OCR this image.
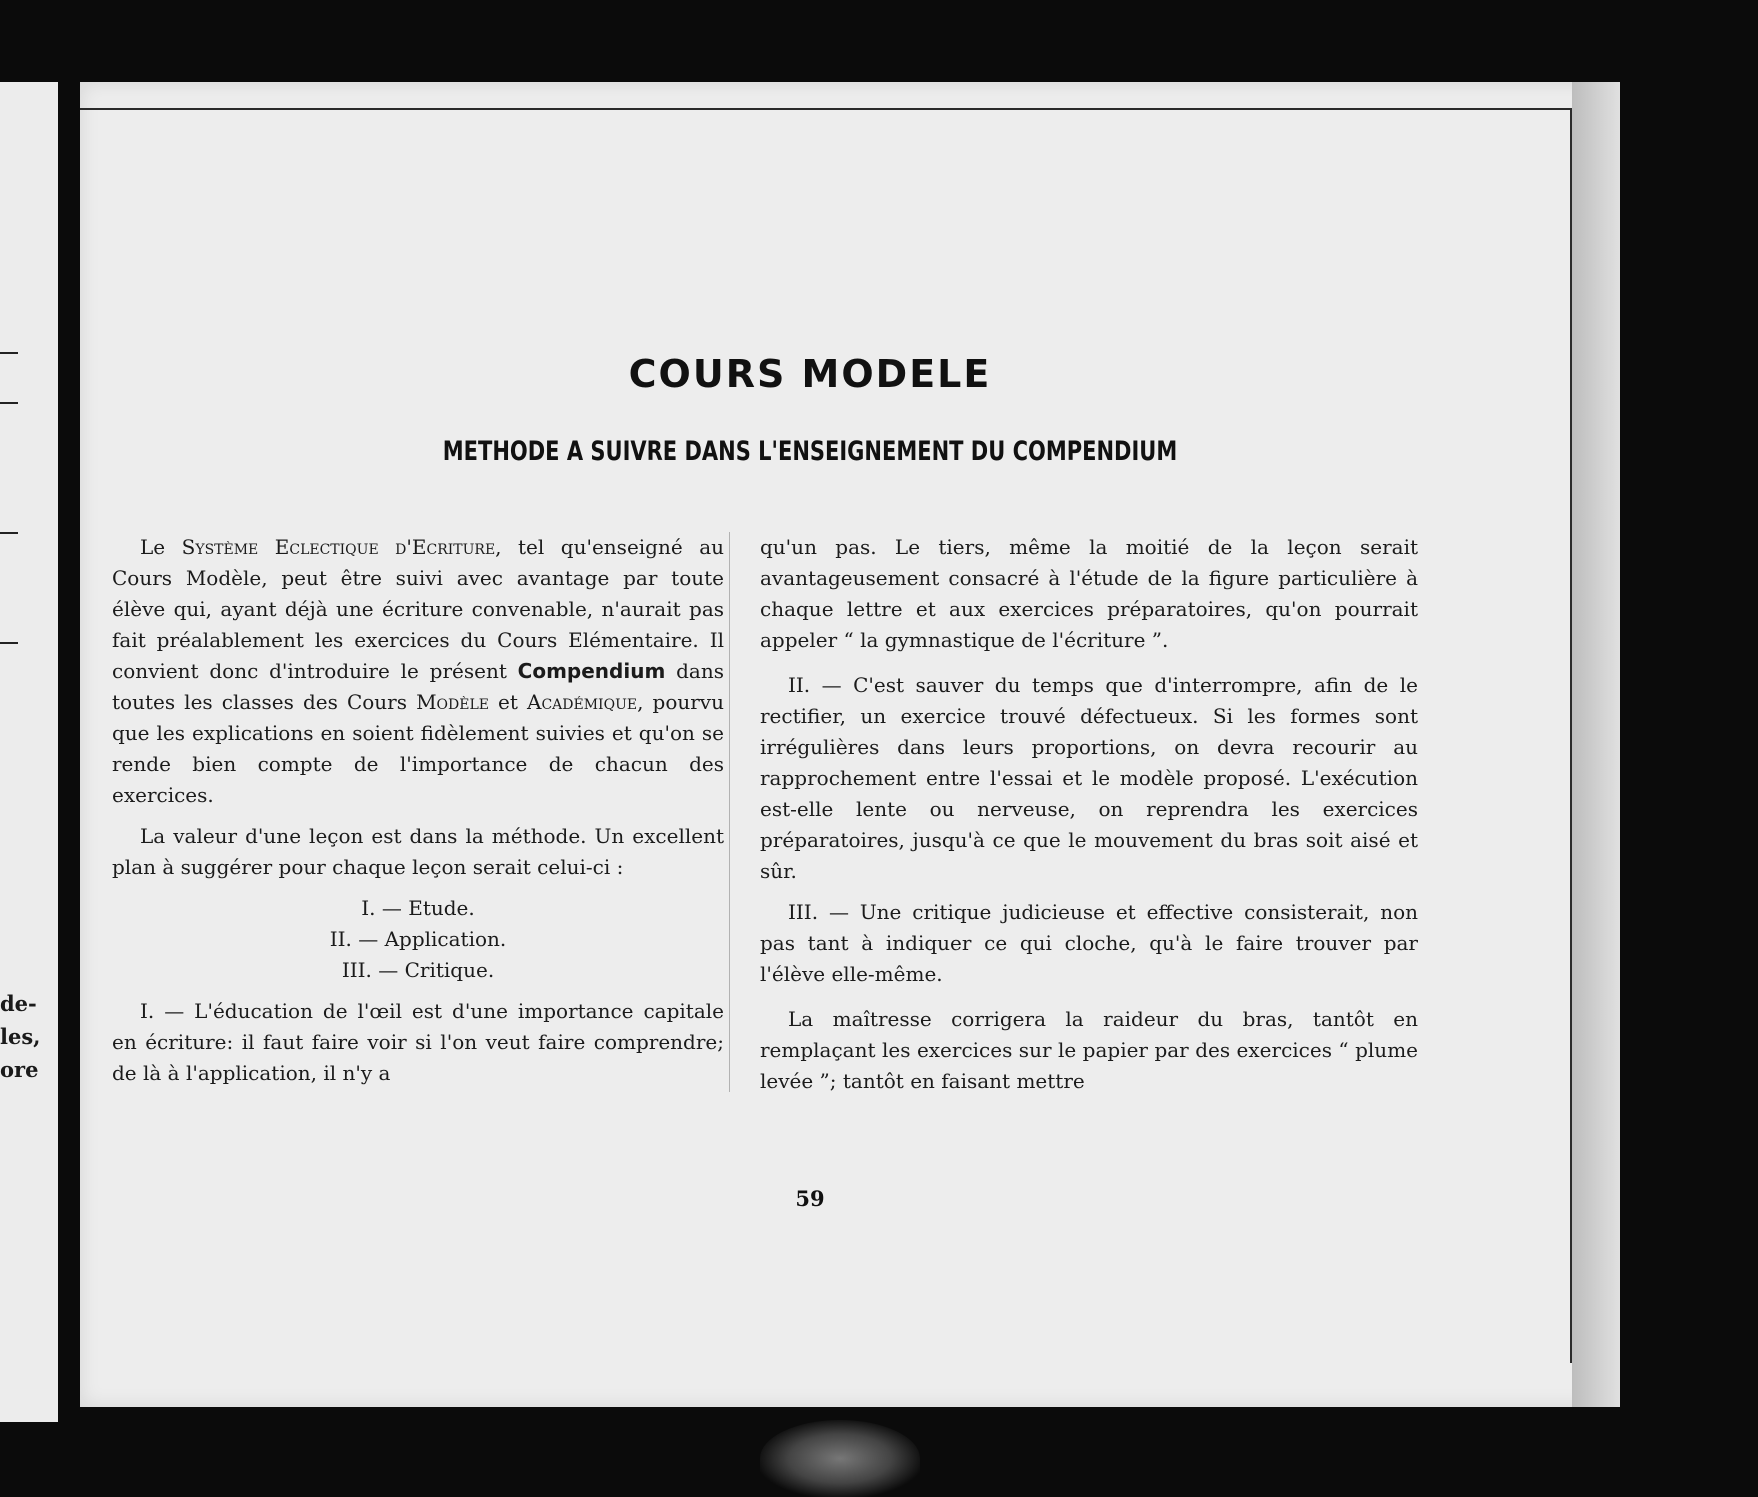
de-
les,
ore
COURS MODELE
METHODE A SUIVRE DANS L'ENSEIGNEMENT DU COMPENDIUM

Le Système Eclectique d'Ecriture, tel qu'enseigné au Cours Modèle, peut être suivi avec avantage par toute élève qui, ayant déjà une écriture convenable, n'aurait pas fait préalablement les exercices du Cours Elémentaire. Il convient donc d'introduire le présent Compendium dans toutes les classes des Cours Modèle et Académique, pourvu que les explications en soient fidèlement suivies et qu'on se rende bien compte de l'importance de chacun des exercices.

La valeur d'une leçon est dans la méthode. Un excellent plan à suggérer pour chaque leçon serait celui-ci :

I. — Etude.
II. — Application.
III. — Critique.

I. — L'éducation de l'œil est d'une importance capitale en écriture: il faut faire voir si l'on veut faire comprendre; de là à l'application, il n'y a

qu'un pas. Le tiers, même la moitié de la leçon serait avantageusement consacré à l'étude de la figure particulière à chaque lettre et aux exercices préparatoires, qu'on pourrait appeler “ la gymnastique de l'écriture ”.

II. — C'est sauver du temps que d'interrompre, afin de le rectifier, un exercice trouvé défectueux. Si les formes sont irrégulières dans leurs proportions, on devra recourir au rapprochement entre l'essai et le modèle proposé. L'exécution est-elle lente ou nerveuse, on reprendra les exercices préparatoires, jusqu'à ce que le mouvement du bras soit aisé et sûr.

III. — Une critique judicieuse et effective consisterait, non pas tant à indiquer ce qui cloche, qu'à le faire trouver par l'élève elle-même.

La maîtresse corrigera la raideur du bras, tantôt en remplaçant les exercices sur le papier par des exercices “ plume levée ”; tantôt en faisant mettre

59
